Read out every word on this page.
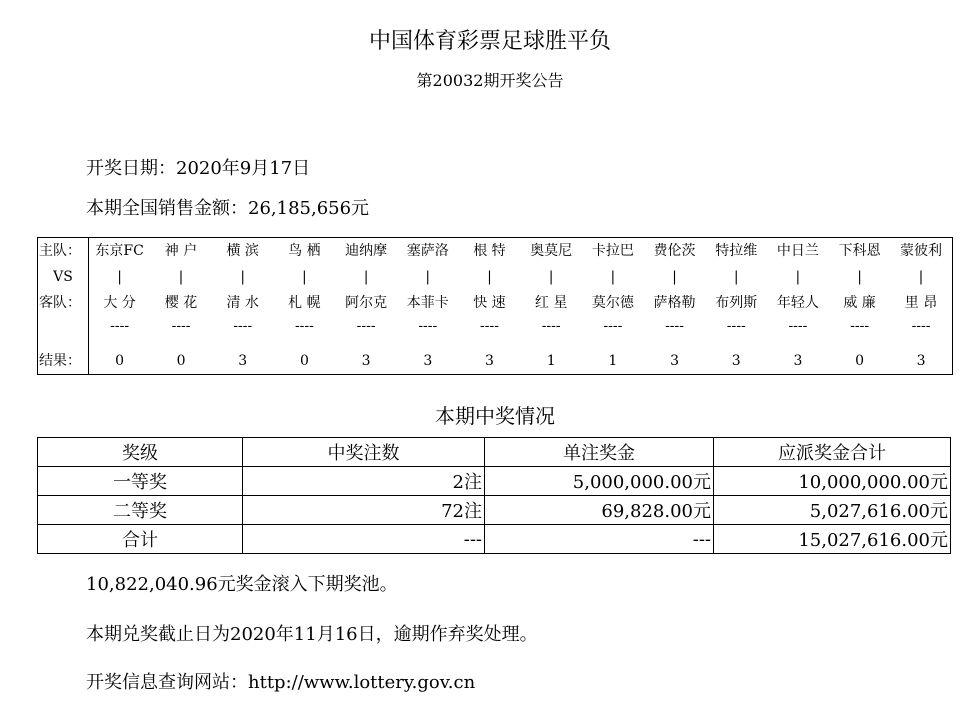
中国体育彩票足球胜平负
第20032期开奖公告
开奖日期：2020年9月17日
本期全国销售金额：26,185,656元
主队：	东京FC	神 户	横 滨	鸟 栖	迪纳摩	塞萨洛	根 特	奥莫尼	卡拉巴	费伦茨	特拉维	中日兰	下科恩	蒙彼利
VS	|	|	|	|	|	|	|	|	|	|	|	|	|	|
客队：	大 分	樱 花	清 水	札 幌	阿尔克	本菲卡	快 速	红 星	莫尔德	萨格勒	布列斯	年轻人	威 廉	里 昂
	----	----	----	----	----	----	----	----	----	----	----	----	----	----

结果：	0	0	3	0	3	3	3	1	1	3	3	3	0	3
本期中奖情况
奖级	中奖注数	单注奖金	应派奖金合计
一等奖	2注	5,000,000.00元	10,000,000.00元
二等奖	72注	69,828.00元	5,027,616.00元
合计	---	---	15,027,616.00元
10,822,040.96元奖金滚入下期奖池。
本期兑奖截止日为2020年11月16日，逾期作弃奖处理。
开奖信息查询网站：http://www.lottery.gov.cn
